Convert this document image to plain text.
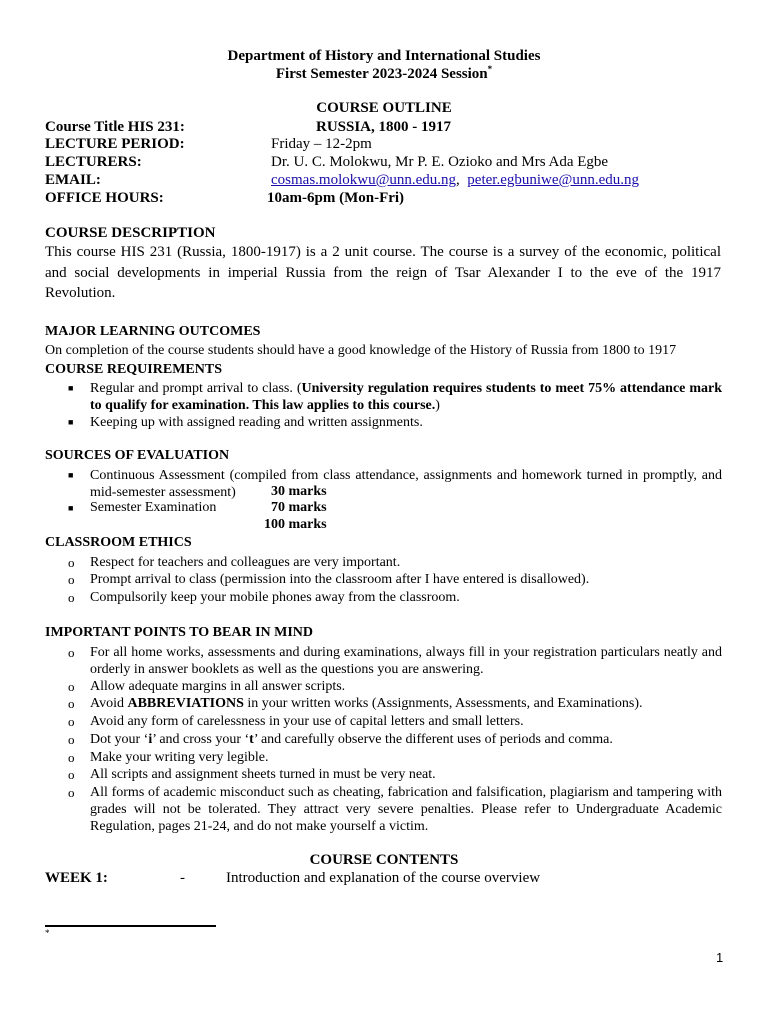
Department of History and International Studies
First Semester 2023-2024 Session*
COURSE OUTLINE
Course Title HIS 231:	RUSSIA, 1800 - 1917
LECTURE PERIOD:	Friday – 12-2pm
LECTURERS:	Dr. U. C. Molokwu, Mr P. E. Ozioko and Mrs Ada Egbe
EMAIL:	cosmas.molokwu@unn.edu.ng, peter.egbuniwe@unn.edu.ng
OFFICE HOURS:	10am-6pm (Mon-Fri)
COURSE DESCRIPTION
This course HIS 231 (Russia, 1800-1917) is a 2 unit course. The course is a survey of the economic, political and social developments in imperial Russia from the reign of Tsar Alexander I to the eve of the 1917 Revolution.
MAJOR LEARNING OUTCOMES
On completion of the course students should have a good knowledge of the History of Russia from 1800 to 1917
COURSE REQUIREMENTS
■ Regular and prompt arrival to class. (University regulation requires students to meet 75% attendance mark to qualify for examination. This law applies to this course.)
■ Keeping up with assigned reading and written assignments.
SOURCES OF EVALUATION
■ Continuous Assessment (compiled from class attendance, assignments and homework turned in promptly, and mid-semester assessment)	30 marks
■ Semester Examination	70 marks
100 marks
CLASSROOM ETHICS
o Respect for teachers and colleagues are very important.
o Prompt arrival to class (permission into the classroom after I have entered is disallowed).
o Compulsorily keep your mobile phones away from the classroom.
IMPORTANT POINTS TO BEAR IN MIND
o For all home works, assessments and during examinations, always fill in your registration particulars neatly and orderly in answer booklets as well as the questions you are answering.
o Allow adequate margins in all answer scripts.
o Avoid ABBREVIATIONS in your written works (Assignments, Assessments, and Examinations).
o Avoid any form of carelessness in your use of capital letters and small letters.
o Dot your ‘i’ and cross your ‘t’ and carefully observe the different uses of periods and comma.
o Make your writing very legible.
o All scripts and assignment sheets turned in must be very neat.
o All forms of academic misconduct such as cheating, fabrication and falsification, plagiarism and tampering with grades will not be tolerated. They attract very severe penalties. Please refer to Undergraduate Academic Regulation, pages 21-24, and do not make yourself a victim.
COURSE CONTENTS
WEEK 1:	-	Introduction and explanation of the course overview
*
1
